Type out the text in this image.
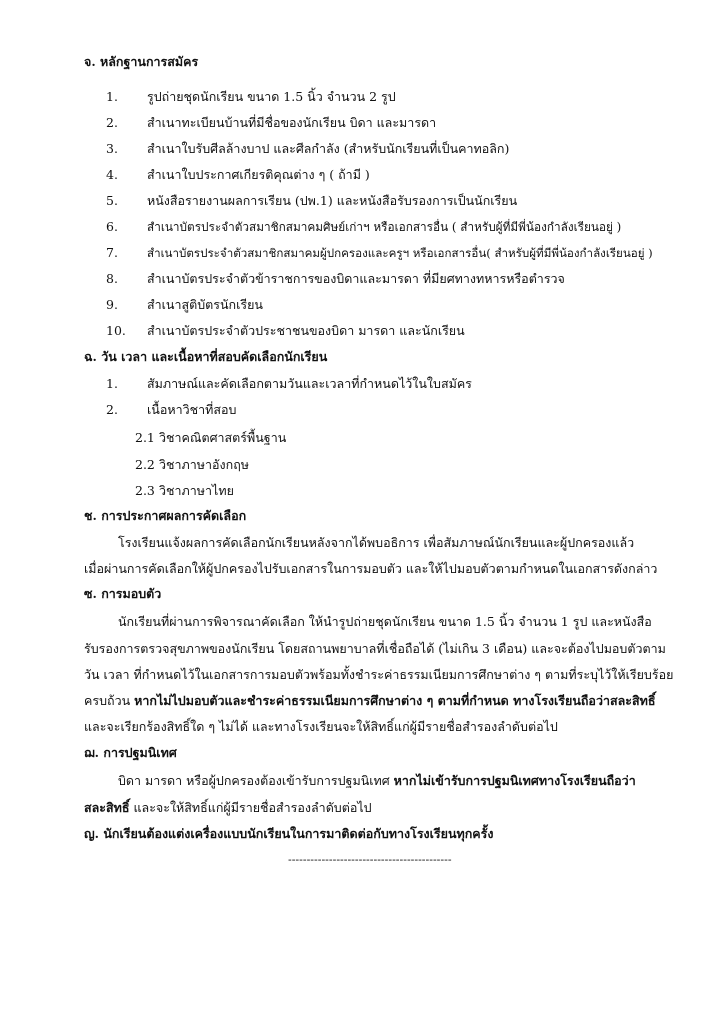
จ. หลักฐานการสมัคร
1. รูปถ่ายชุดนักเรียน ขนาด 1.5 นิ้ว จำนวน 2 รูป
2. สำเนาทะเบียนบ้านที่มีชื่อของนักเรียน บิดา และมารดา
3. สำเนาใบรับศีลล้างบาป และศีลกำลัง (สำหรับนักเรียนที่เป็นคาทอลิก)
4. สำเนาใบประกาศเกียรติคุณต่าง ๆ ( ถ้ามี )
5. หนังสือรายงานผลการเรียน (ปพ.1) และหนังสือรับรองการเป็นนักเรียน
6. สำเนาบัตรประจำตัวสมาชิกสมาคมศิษย์เก่าฯ หรือเอกสารอื่น ( สำหรับผู้ที่มีพี่น้องกำลังเรียนอยู่ )
7.	สำเนาบัตรประจำตัวสมาชิกสมาคมผู้ปกครองและครูฯ หรือเอกสารอื่น( สำหรับผู้ที่มีพี่น้องกำลังเรียนอยู่ )
8. สำเนาบัตรประจำตัวข้าราชการของบิดาและมารดา ที่มียศทางทหารหรือตำรวจ
9. สำเนาสูติบัตรนักเรียน
10. สำเนาบัตรประจำตัวประชาชนของบิดา มารดา และนักเรียน
ฉ. วัน เวลา และเนื้อหาที่สอบคัดเลือกนักเรียน
1. สัมภาษณ์และคัดเลือกตามวันและเวลาที่กำหนดไว้ในใบสมัคร
2. เนื้อหาวิชาที่สอบ
2.1 วิชาคณิตศาสตร์พื้นฐาน
2.2 วิชาภาษาอังกฤษ
2.3 วิชาภาษาไทย
ช. การประกาศผลการคัดเลือก
โรงเรียนแจ้งผลการคัดเลือกนักเรียนหลังจากได้พบอธิการ เพื่อสัมภาษณ์นักเรียนและผู้ปกครองแล้ว
เมื่อผ่านการคัดเลือกให้ผู้ปกครองไปรับเอกสารในการมอบตัว และให้ไปมอบตัวตามกำหนดในเอกสารดังกล่าว
ซ. การมอบตัว
นักเรียนที่ผ่านการพิจารณาคัดเลือก ให้นำรูปถ่ายชุดนักเรียน ขนาด 1.5 นิ้ว จำนวน 1 รูป และหนังสือ
รับรองการตรวจสุขภาพของนักเรียน โดยสถานพยาบาลที่เชื่อถือได้ (ไม่เกิน 3 เดือน) และจะต้องไปมอบตัวตาม
วัน เวลา ที่กำหนดไว้ในเอกสารการมอบตัวพร้อมทั้งชำระค่าธรรมเนียมการศึกษาต่าง ๆ ตามที่ระบุไว้ให้เรียบร้อย
ครบถ้วน หากไม่ไปมอบตัวและชำระค่าธรรมเนียมการศึกษาต่าง ๆ ตามที่กำหนด ทางโรงเรียนถือว่าสละสิทธิ์
และจะเรียกร้องสิทธิ์ใด ๆ ไม่ได้ และทางโรงเรียนจะให้สิทธิ์แก่ผู้มีรายชื่อสำรองลำดับต่อไป
ฌ. การปฐมนิเทศ
บิดา มารดา หรือผู้ปกครองต้องเข้ารับการปฐมนิเทศ หากไม่เข้ารับการปฐมนิเทศทางโรงเรียนถือว่า
สละสิทธิ์ และจะให้สิทธิ์แก่ผู้มีรายชื่อสำรองลำดับต่อไป
ญ. นักเรียนต้องแต่งเครื่องแบบนักเรียนในการมาติดต่อกับทางโรงเรียนทุกครั้ง
--------------------------------------------
